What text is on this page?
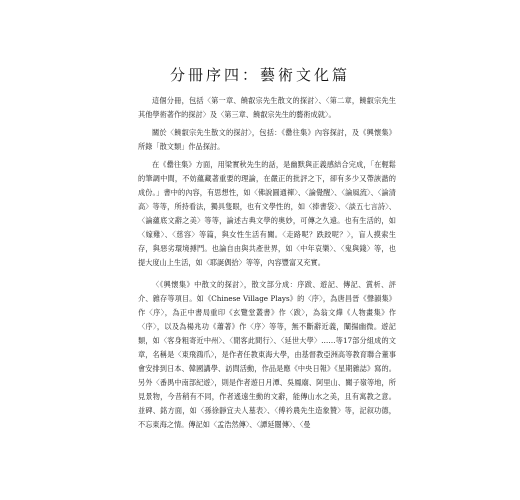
分冊序四：藝術文化篇

這個分冊，包括〈第一章、饒叡宗先生散文的探討〉、〈第二章，饒叡宗先生其他學術著作的探討〉及〈第三章、饒叡宗先生的藝術成就〉。

關於〈饒叡宗先生散文的探討〉，包括：《罍往集》內容探討，及《興懷集》所錄「散文類」作品探討。

在《罍往集》方面，用梁實秋先生的話，是幽默與正義感結合完成，「在輕鬆的筆調中間，不妨蘊藏著重要的理論，在嚴正的批評之下，卻有多少又帶詼諧的成份。」書中的內容，有思想性，如〈佛說圓通禪〉、〈論覺醒〉、〈論風流〉、〈論清高〉等等，所持看法，獨具隻眼，也有文學性的，如〈捧書袋〉、〈談五七言詩〉、〈論蘊底文辭之美〉等等，論述古典文學的奧妙，可傳之久遠。也有生活的，如〈嫁雞〉、〈慈容〉等篇，與女性生活有關。〈走路呢？跌跤呢？〉，盲人摸索生存，與惡劣環境搏鬥。也論自由與共產世界，如〈中年哀樂〉、〈鬼與錢〉等，也提大度山上生活，如〈耶誕偶拾〉等等，內容豐富又充實。

〈《興懷集》中散文的探討〉，散文部分成：序跋、遊記、傳記、賞析、評介、雜存等項目。如《Chinese Village Plays》的〈序〉，為唐昌晉《聲韻集》作〈序〉，為正中書局重印《玄覽堂叢書》作〈跋〉，為翁文燁《人物畫集》作〈序〉，以及為楊兆功《蕭著》作〈序〉等等，無不斷辭近義，闡揚幽微。遊記類，如〈客身粗寄近中州〉、〈閒客此間行〉、〈延世大學〉……等17部分組成的文章，名稱是〈東飛鴻爪〉，是作者任教東海大學，由基督教亞洲高等教育聯合董事會安排到日本、韓國講學、訪問活動，作品是應《中央日報》《星期雜誌》寫的。另外〈番禺中南部紀遊〉，則是作者遊日月潭、吳鳳廟、阿里山、關子嶺等地，所見景物，今昔稍有不同，作者遙遠生動的文辭，能傳山水之美，且有寓教之意。並碑、銘方面，如〈孫徐靜宜夫人墓表〉、〈傅衿農先生造象贊〉等，記叙功德，不忘東海之情。傳記如〈孟浩然傳〉、〈譚延闓傳〉、〈曼
